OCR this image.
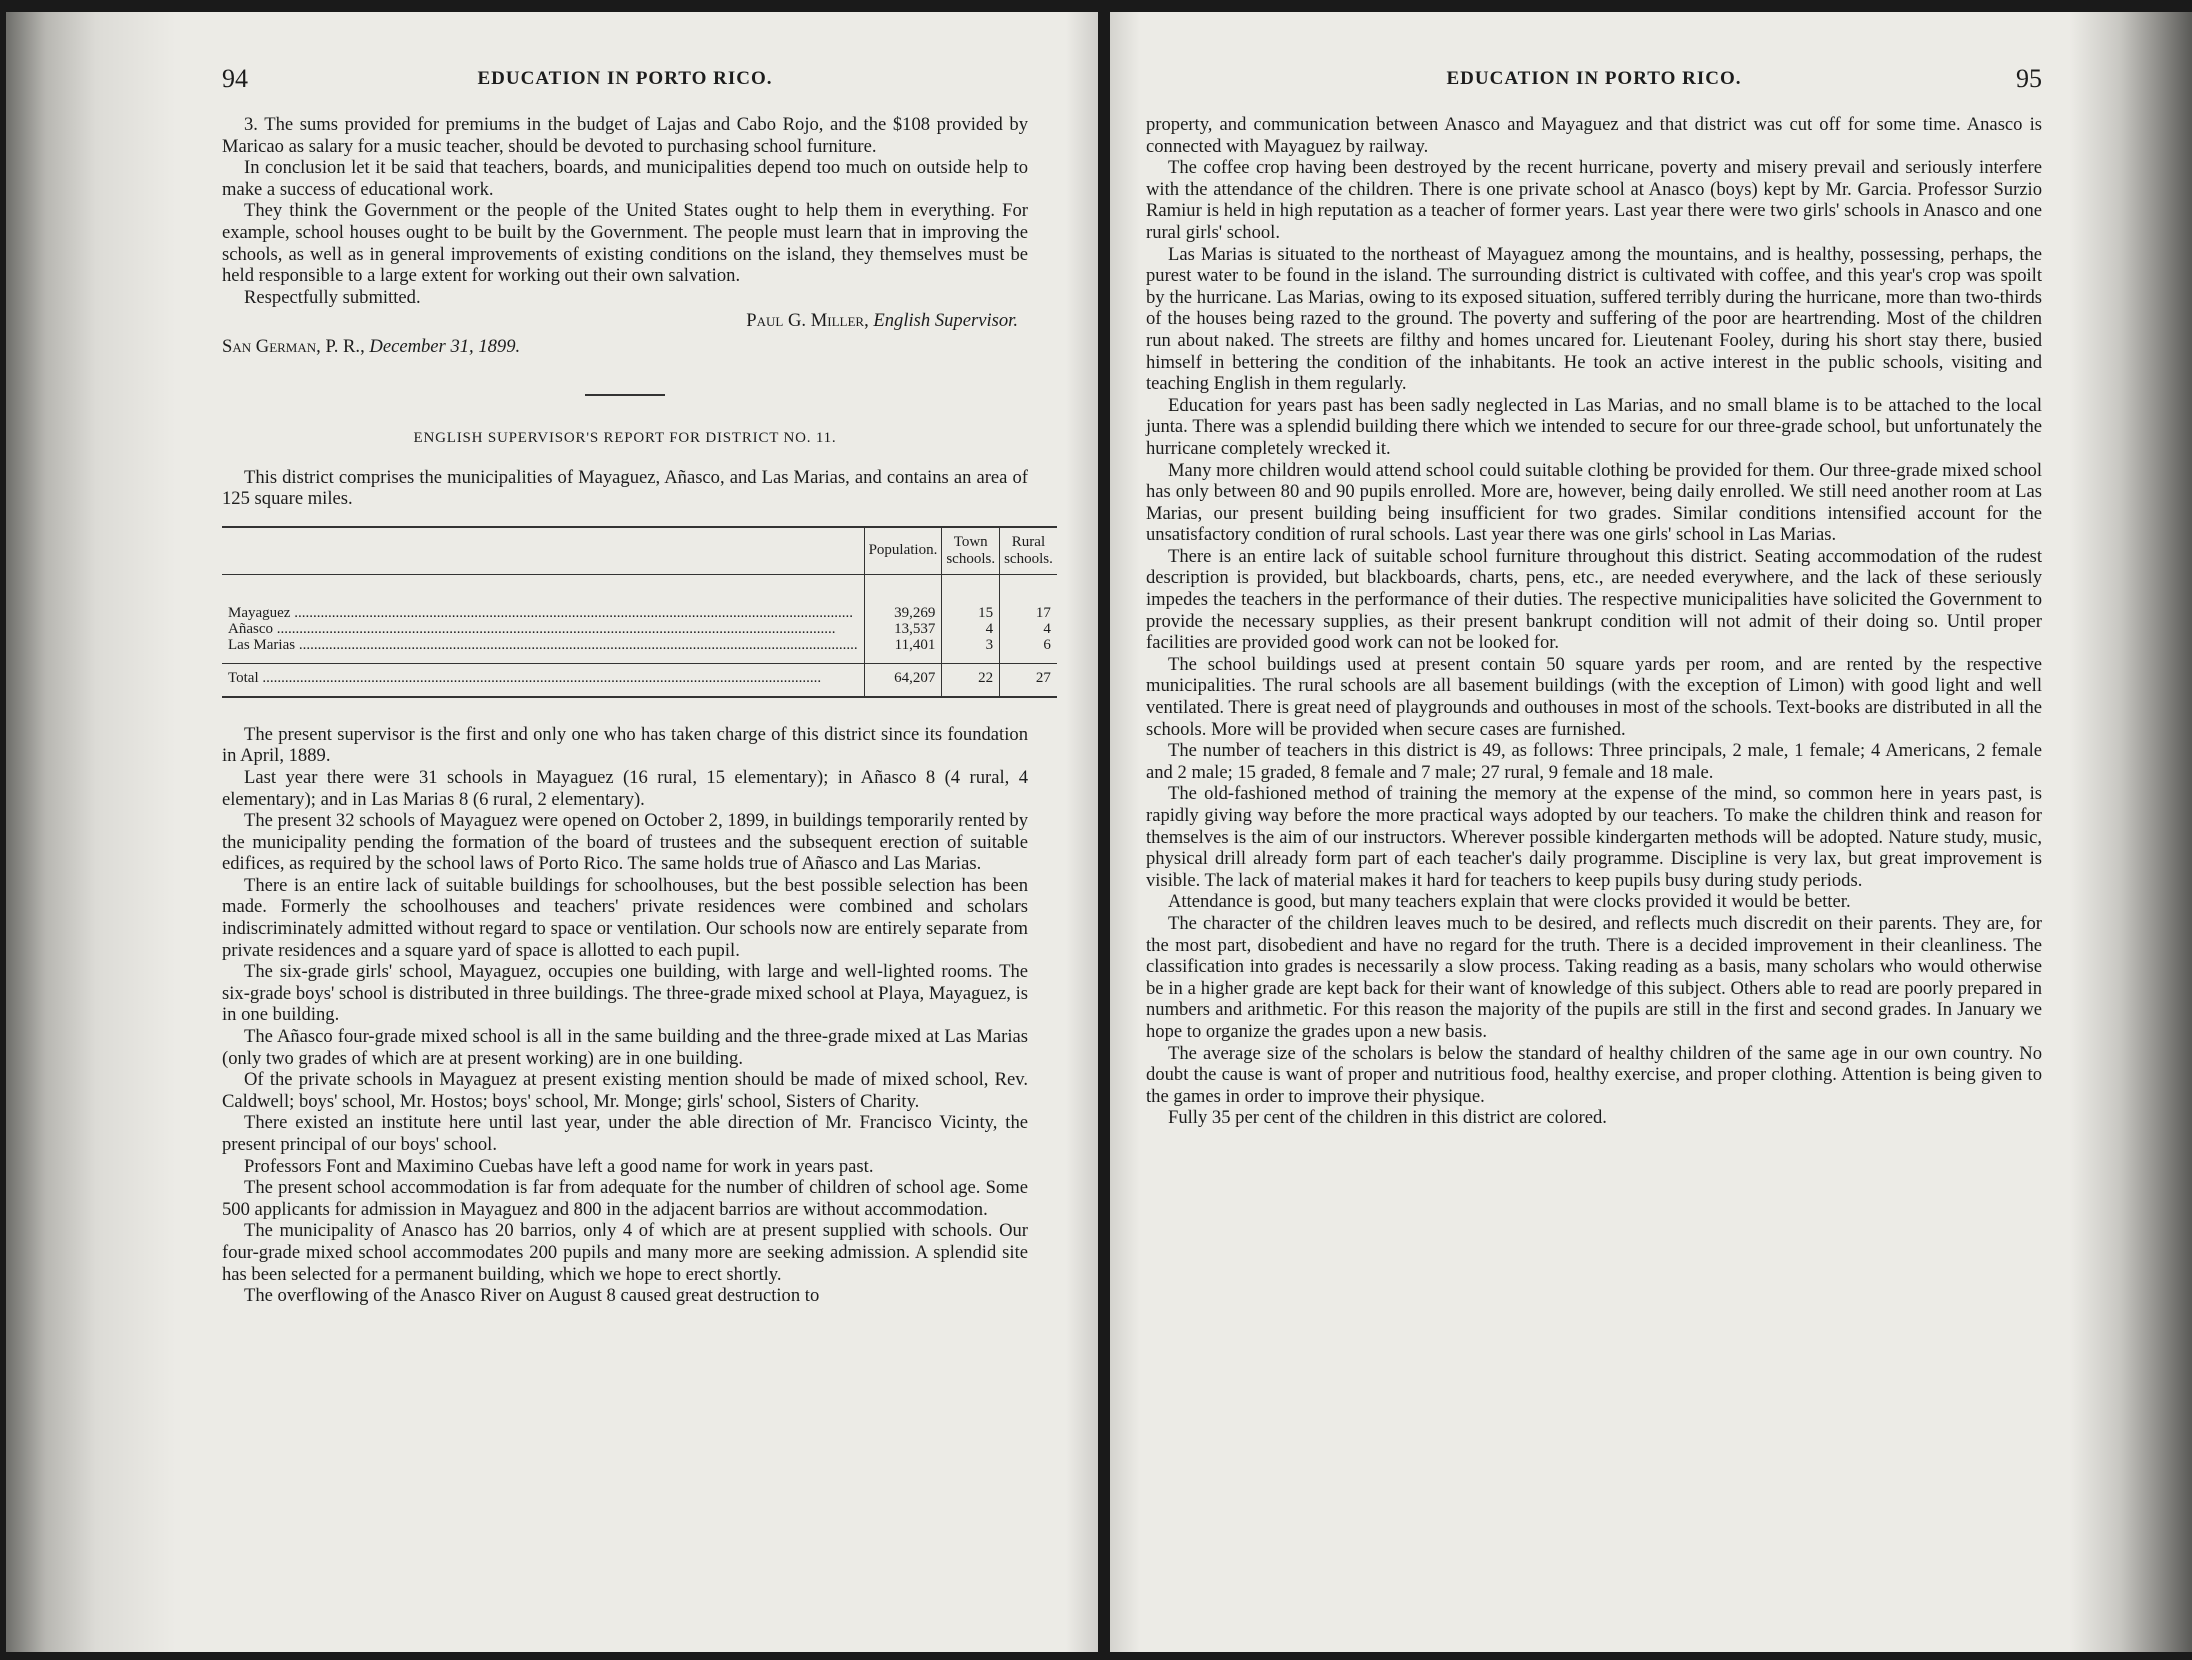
94	EDUCATION IN PORTO RICO.

3. The sums provided for premiums in the budget of Lajas and Cabo Rojo, and the $108 provided by Maricao as salary for a music teacher, should be devoted to purchasing school furniture.

In conclusion let it be said that teachers, boards, and municipalities depend too much on outside help to make a success of educational work.

They think the Government or the people of the United States ought to help them in everything. For example, school houses ought to be built by the Government. The people must learn that in improving the schools, as well as in general improvements of existing conditions on the island, they themselves must be held responsible to a large extent for working out their own salvation.

Respectfully submitted.

Paul G. Miller, English Supervisor.
San German, P. R., December 31, 1899.
ENGLISH SUPERVISOR'S REPORT FOR DISTRICT NO. 11.

This district comprises the municipalities of Mayaguez, Añasco, and Las Marias, and contains an area of 125 square miles.

	Population.	Town schools.	Rural schools.

Mayaguez .....	39,269	15	17
Añasco .....	13,537	4	4
Las Marias .....	11,401	3	6
Total .....	64,207	22	27

The present supervisor is the first and only one who has taken charge of this district since its foundation in April, 1889.

Last year there were 31 schools in Mayaguez (16 rural, 15 elementary); in Añasco 8 (4 rural, 4 elementary); and in Las Marias 8 (6 rural, 2 elementary).

The present 32 schools of Mayaguez were opened on October 2, 1899, in buildings temporarily rented by the municipality pending the formation of the board of trustees and the subsequent erection of suitable edifices, as required by the school laws of Porto Rico. The same holds true of Añasco and Las Marias.

There is an entire lack of suitable buildings for schoolhouses, but the best possible selection has been made. Formerly the schoolhouses and teachers' private residences were combined and scholars indiscriminately admitted without regard to space or ventilation. Our schools now are entirely separate from private residences and a square yard of space is allotted to each pupil.

The six-grade girls' school, Mayaguez, occupies one building, with large and well-lighted rooms. The six-grade boys' school is distributed in three buildings. The three-grade mixed school at Playa, Mayaguez, is in one building.

The Añasco four-grade mixed school is all in the same building and the three-grade mixed at Las Marias (only two grades of which are at present working) are in one building.

Of the private schools in Mayaguez at present existing mention should be made of mixed school, Rev. Caldwell; boys' school, Mr. Hostos; boys' school, Mr. Monge; girls' school, Sisters of Charity.

There existed an institute here until last year, under the able direction of Mr. Francisco Vicinty, the present principal of our boys' school.

Professors Font and Maximino Cuebas have left a good name for work in years past.

The present school accommodation is far from adequate for the number of children of school age. Some 500 applicants for admission in Mayaguez and 800 in the adjacent barrios are without accommodation.

The municipality of Anasco has 20 barrios, only 4 of which are at present supplied with schools. Our four-grade mixed school accommodates 200 pupils and many more are seeking admission. A splendid site has been selected for a permanent building, which we hope to erect shortly.

The overflowing of the Anasco River on August 8 caused great destruction to

EDUCATION IN PORTO RICO.	95

property, and communication between Anasco and Mayaguez and that district was cut off for some time. Anasco is connected with Mayaguez by railway.

The coffee crop having been destroyed by the recent hurricane, poverty and misery prevail and seriously interfere with the attendance of the children. There is one private school at Anasco (boys) kept by Mr. Garcia. Professor Surzio Ramiur is held in high reputation as a teacher of former years. Last year there were two girls' schools in Anasco and one rural girls' school.

Las Marias is situated to the northeast of Mayaguez among the mountains, and is healthy, possessing, perhaps, the purest water to be found in the island. The surrounding district is cultivated with coffee, and this year's crop was spoilt by the hurricane. Las Marias, owing to its exposed situation, suffered terribly during the hurricane, more than two-thirds of the houses being razed to the ground. The poverty and suffering of the poor are heartrending. Most of the children run about naked. The streets are filthy and homes uncared for. Lieutenant Fooley, during his short stay there, busied himself in bettering the condition of the inhabitants. He took an active interest in the public schools, visiting and teaching English in them regularly.

Education for years past has been sadly neglected in Las Marias, and no small blame is to be attached to the local junta. There was a splendid building there which we intended to secure for our three-grade school, but unfortunately the hurricane completely wrecked it.

Many more children would attend school could suitable clothing be provided for them. Our three-grade mixed school has only between 80 and 90 pupils enrolled. More are, however, being daily enrolled. We still need another room at Las Marias, our present building being insufficient for two grades. Similar conditions intensified account for the unsatisfactory condition of rural schools. Last year there was one girls' school in Las Marias.

There is an entire lack of suitable school furniture throughout this district. Seating accommodation of the rudest description is provided, but blackboards, charts, pens, etc., are needed everywhere, and the lack of these seriously impedes the teachers in the performance of their duties. The respective municipalities have solicited the Government to provide the necessary supplies, as their present bankrupt condition will not admit of their doing so. Until proper facilities are provided good work can not be looked for.

The school buildings used at present contain 50 square yards per room, and are rented by the respective municipalities. The rural schools are all basement buildings (with the exception of Limon) with good light and well ventilated. There is great need of playgrounds and outhouses in most of the schools. Text-books are distributed in all the schools. More will be provided when secure cases are furnished.

The number of teachers in this district is 49, as follows: Three principals, 2 male, 1 female; 4 Americans, 2 female and 2 male; 15 graded, 8 female and 7 male; 27 rural, 9 female and 18 male.

The old-fashioned method of training the memory at the expense of the mind, so common here in years past, is rapidly giving way before the more practical ways adopted by our teachers. To make the children think and reason for themselves is the aim of our instructors. Wherever possible kindergarten methods will be adopted. Nature study, music, physical drill already form part of each teacher's daily programme. Discipline is very lax, but great improvement is visible. The lack of material makes it hard for teachers to keep pupils busy during study periods.

Attendance is good, but many teachers explain that were clocks provided it would be better.

The character of the children leaves much to be desired, and reflects much discredit on their parents. They are, for the most part, disobedient and have no regard for the truth. There is a decided improvement in their cleanliness. The classification into grades is necessarily a slow process. Taking reading as a basis, many scholars who would otherwise be in a higher grade are kept back for their want of knowledge of this subject. Others able to read are poorly prepared in numbers and arithmetic. For this reason the majority of the pupils are still in the first and second grades. In January we hope to organize the grades upon a new basis.

The average size of the scholars is below the standard of healthy children of the same age in our own country. No doubt the cause is want of proper and nutritious food, healthy exercise, and proper clothing. Attention is being given to the games in order to improve their physique.

Fully 35 per cent of the children in this district are colored.
